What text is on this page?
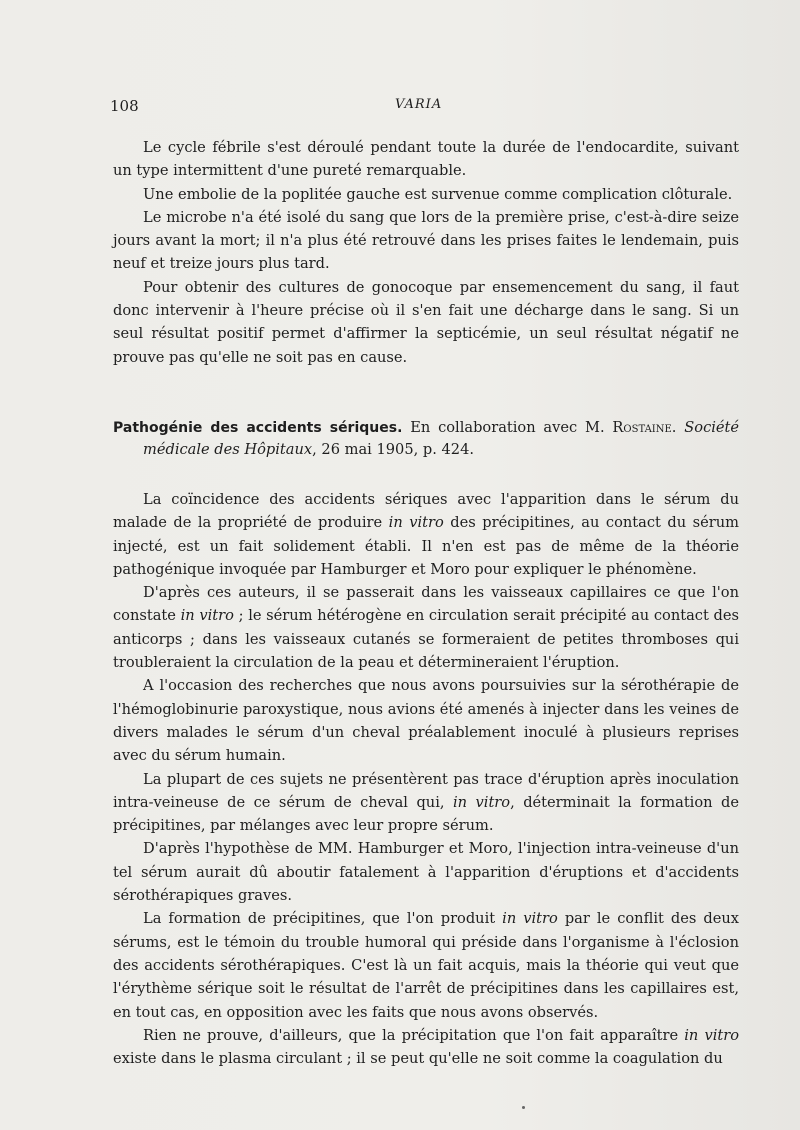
108	VARIA

Le cycle fébrile s'est déroulé pendant toute la durée de l'endocardite, suivant un type intermittent d'une pureté remarquable.

Une embolie de la poplitée gauche est survenue comme complication clôturale.

Le microbe n'a été isolé du sang que lors de la première prise, c'est-à-dire seize jours avant la mort; il n'a plus été retrouvé dans les prises faites le lendemain, puis neuf et treize jours plus tard.

Pour obtenir des cultures de gonocoque par ensemencement du sang, il faut donc intervenir à l'heure précise où il s'en fait une décharge dans le sang. Si un seul résultat positif permet d'affirmer la septicémie, un seul résultat négatif ne prouve pas qu'elle ne soit pas en cause.

Pathogénie des accidents sériques. En collaboration avec M. Rostaine. Société médicale des Hôpitaux, 26 mai 1905, p. 424.

La coïncidence des accidents sériques avec l'apparition dans le sérum du malade de la propriété de produire in vitro des précipitines, au contact du sérum injecté, est un fait solidement établi. Il n'en est pas de même de la théorie pathogénique invoquée par Hamburger et Moro pour expliquer le phénomène.

D'après ces auteurs, il se passerait dans les vaisseaux capillaires ce que l'on constate in vitro ; le sérum hétérogène en circulation serait précipité au contact des anticorps ; dans les vaisseaux cutanés se formeraient de petites thromboses qui troubleraient la circulation de la peau et détermineraient l'éruption.

A l'occasion des recherches que nous avons poursuivies sur la sérothérapie de l'hémoglobinurie paroxystique, nous avions été amenés à injecter dans les veines de divers malades le sérum d'un cheval préalablement inoculé à plusieurs reprises avec du sérum humain.

La plupart de ces sujets ne présentèrent pas trace d'éruption après inoculation intra-veineuse de ce sérum de cheval qui, in vitro, déterminait la formation de précipitines, par mélanges avec leur propre sérum.

D'après l'hypothèse de MM. Hamburger et Moro, l'injection intra-veineuse d'un tel sérum aurait dû aboutir fatalement à l'apparition d'éruptions et d'accidents sérothérapiques graves.

La formation de précipitines, que l'on produit in vitro par le conflit des deux sérums, est le témoin du trouble humoral qui préside dans l'organisme à l'éclosion des accidents sérothérapiques. C'est là un fait acquis, mais la théorie qui veut que l'érythème sérique soit le résultat de l'arrêt de précipitines dans les capillaires est, en tout cas, en opposition avec les faits que nous avons observés.

Rien ne prouve, d'ailleurs, que la précipitation que l'on fait apparaître in vitro existe dans le plasma circulant ; il se peut qu'elle ne soit comme la coagulation du
